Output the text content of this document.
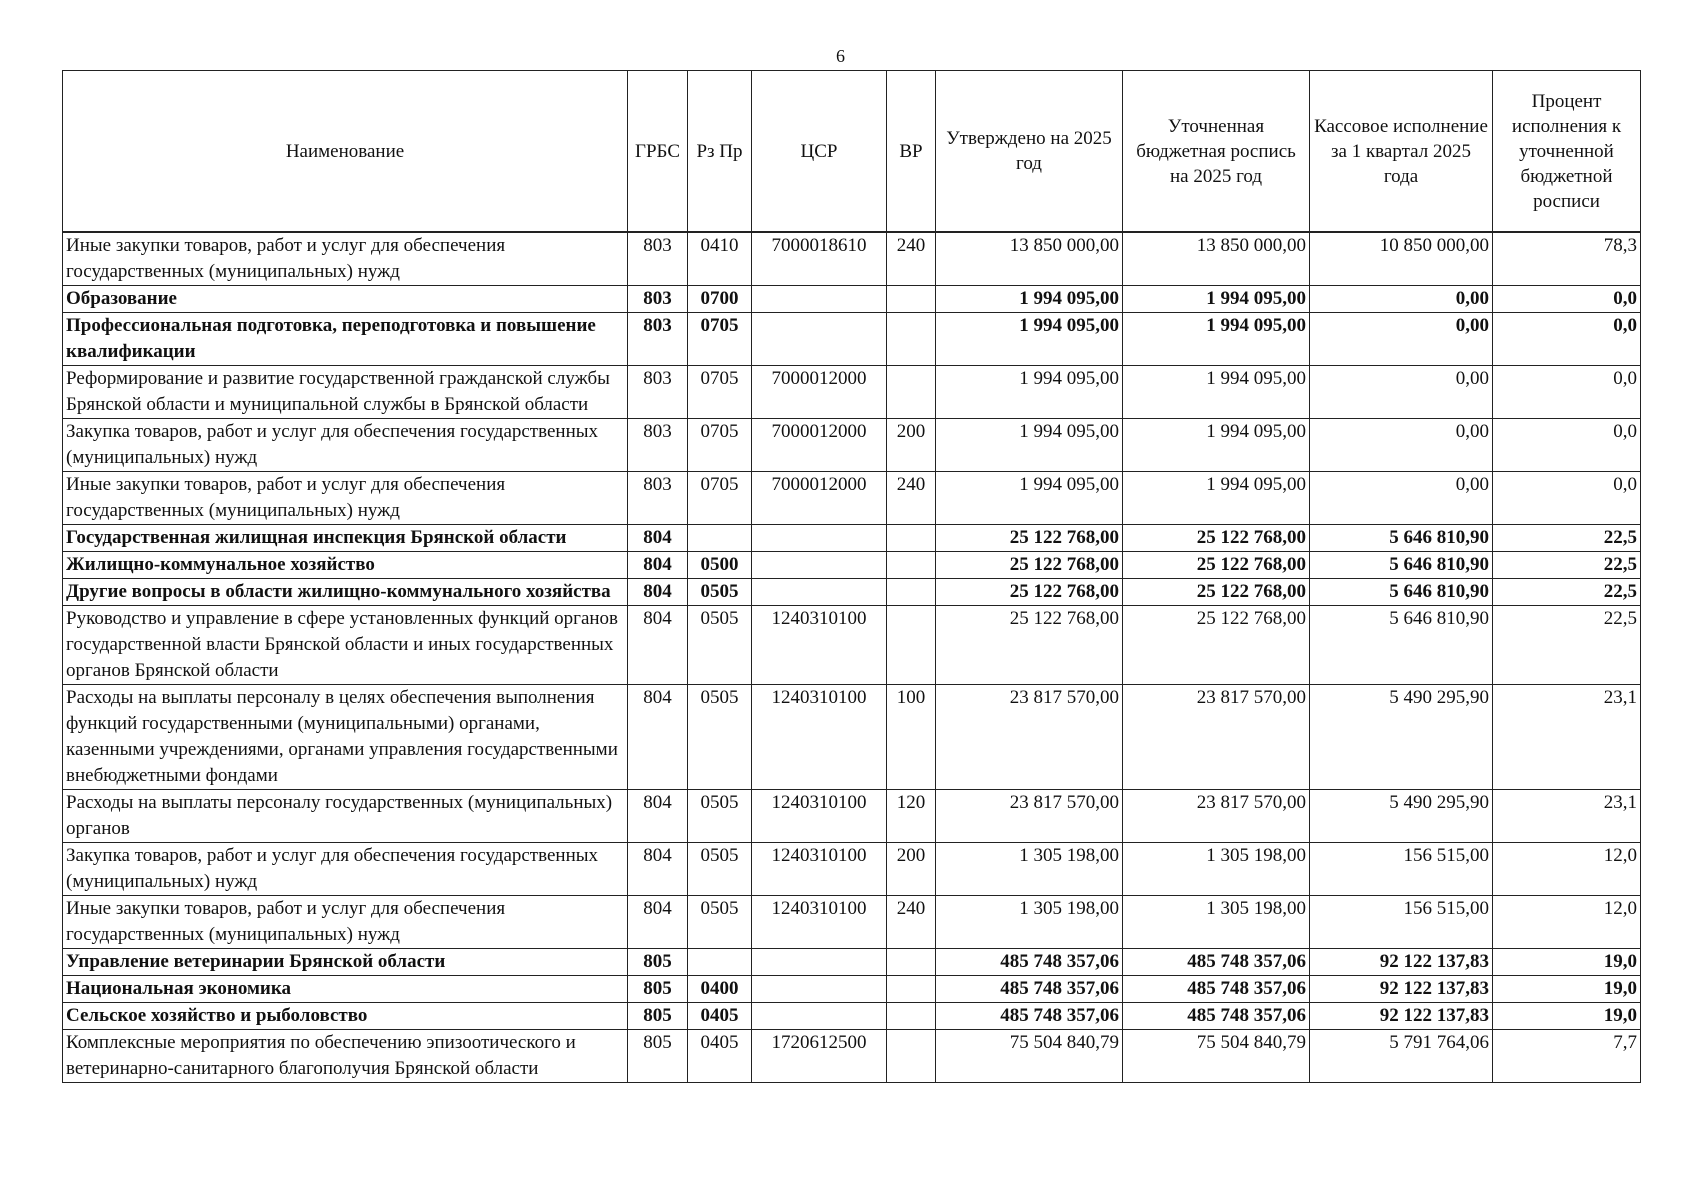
6
Наименование	ГРБС	Рз Пр	ЦСР	ВР	Утверждено на 2025 год	Уточненная бюджетная роспись на 2025 год	Кассовое исполнение за 1 квартал 2025 года	Процент исполнения к уточненной бюджетной росписи
Иные закупки товаров, работ и услуг для обеспечения государственных (муниципальных) нужд	803	0410	7000018610	240	13 850 000,00	13 850 000,00	10 850 000,00	78,3
Образование	803	0700			1 994 095,00	1 994 095,00	0,00	0,0
Профессиональная подготовка, переподготовка и повышение квалификации	803	0705			1 994 095,00	1 994 095,00	0,00	0,0
Реформирование и развитие государственной гражданской службы Брянской области и муниципальной службы в Брянской области	803	0705	7000012000		1 994 095,00	1 994 095,00	0,00	0,0
Закупка товаров, работ и услуг для обеспечения государственных (муниципальных) нужд	803	0705	7000012000	200	1 994 095,00	1 994 095,00	0,00	0,0
Иные закупки товаров, работ и услуг для обеспечения государственных (муниципальных) нужд	803	0705	7000012000	240	1 994 095,00	1 994 095,00	0,00	0,0
Государственная жилищная инспекция Брянской области	804				25 122 768,00	25 122 768,00	5 646 810,90	22,5
Жилищно-коммунальное хозяйство	804	0500			25 122 768,00	25 122 768,00	5 646 810,90	22,5
Другие вопросы в области жилищно-коммунального хозяйства	804	0505			25 122 768,00	25 122 768,00	5 646 810,90	22,5
Руководство и управление в сфере установленных функций органов государственной власти Брянской области и иных государственных органов Брянской области	804	0505	1240310100		25 122 768,00	25 122 768,00	5 646 810,90	22,5
Расходы на выплаты персоналу в целях обеспечения выполнения функций государственными (муниципальными) органами, казенными учреждениями, органами управления государственными внебюджетными фондами	804	0505	1240310100	100	23 817 570,00	23 817 570,00	5 490 295,90	23,1
Расходы на выплаты персоналу государственных (муниципальных) органов	804	0505	1240310100	120	23 817 570,00	23 817 570,00	5 490 295,90	23,1
Закупка товаров, работ и услуг для обеспечения государственных (муниципальных) нужд	804	0505	1240310100	200	1 305 198,00	1 305 198,00	156 515,00	12,0
Иные закупки товаров, работ и услуг для обеспечения государственных (муниципальных) нужд	804	0505	1240310100	240	1 305 198,00	1 305 198,00	156 515,00	12,0
Управление ветеринарии Брянской области	805				485 748 357,06	485 748 357,06	92 122 137,83	19,0
Национальная экономика	805	0400			485 748 357,06	485 748 357,06	92 122 137,83	19,0
Сельское хозяйство и рыболовство	805	0405			485 748 357,06	485 748 357,06	92 122 137,83	19,0
Комплексные мероприятия по обеспечению эпизоотического и ветеринарно-санитарного благополучия Брянской области	805	0405	1720612500		75 504 840,79	75 504 840,79	5 791 764,06	7,7
